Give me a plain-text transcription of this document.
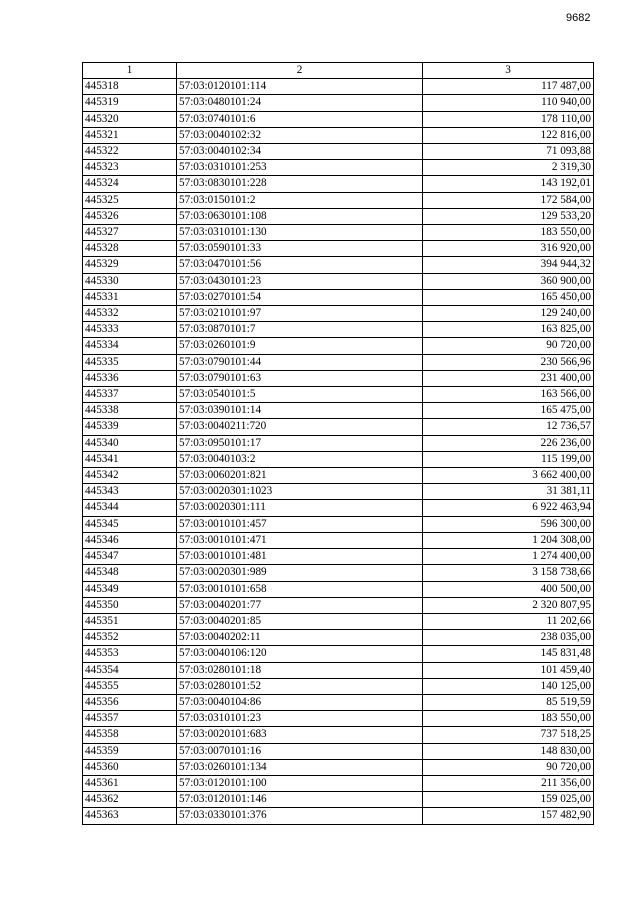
9682
1	2	3
445318	57:03:0120101:114	117 487,00
445319	57:03:0480101:24	110 940,00
445320	57:03:0740101:6	178 110,00
445321	57:03:0040102:32	122 816,00
445322	57:03:0040102:34	71 093,88
445323	57:03:0310101:253	2 319,30
445324	57:03:0830101:228	143 192,01
445325	57:03:0150101:2	172 584,00
445326	57:03:0630101:108	129 533,20
445327	57:03:0310101:130	183 550,00
445328	57:03:0590101:33	316 920,00
445329	57:03:0470101:56	394 944,32
445330	57:03:0430101:23	360 900,00
445331	57:03:0270101:54	165 450,00
445332	57:03:0210101:97	129 240,00
445333	57:03:0870101:7	163 825,00
445334	57:03:0260101:9	90 720,00
445335	57:03:0790101:44	230 566,96
445336	57:03:0790101:63	231 400,00
445337	57:03:0540101:5	163 566,00
445338	57:03:0390101:14	165 475,00
445339	57:03:0040211:720	12 736,57
445340	57:03:0950101:17	226 236,00
445341	57:03:0040103:2	115 199,00
445342	57:03:0060201:821	3 662 400,00
445343	57:03:0020301:1023	31 381,11
445344	57:03:0020301:111	6 922 463,94
445345	57:03:0010101:457	596 300,00
445346	57:03:0010101:471	1 204 308,00
445347	57:03:0010101:481	1 274 400,00
445348	57:03:0020301:989	3 158 738,66
445349	57:03:0010101:658	400 500,00
445350	57:03:0040201:77	2 320 807,95
445351	57:03:0040201:85	11 202,66
445352	57:03:0040202:11	238 035,00
445353	57:03:0040106:120	145 831,48
445354	57:03:0280101:18	101 459,40
445355	57:03:0280101:52	140 125,00
445356	57:03:0040104:86	85 519,59
445357	57:03:0310101:23	183 550,00
445358	57:03:0020101:683	737 518,25
445359	57:03:0070101:16	148 830,00
445360	57:03:0260101:134	90 720,00
445361	57:03:0120101:100	211 356,00
445362	57:03:0120101:146	159 025,00
445363	57:03:0330101:376	157 482,90
